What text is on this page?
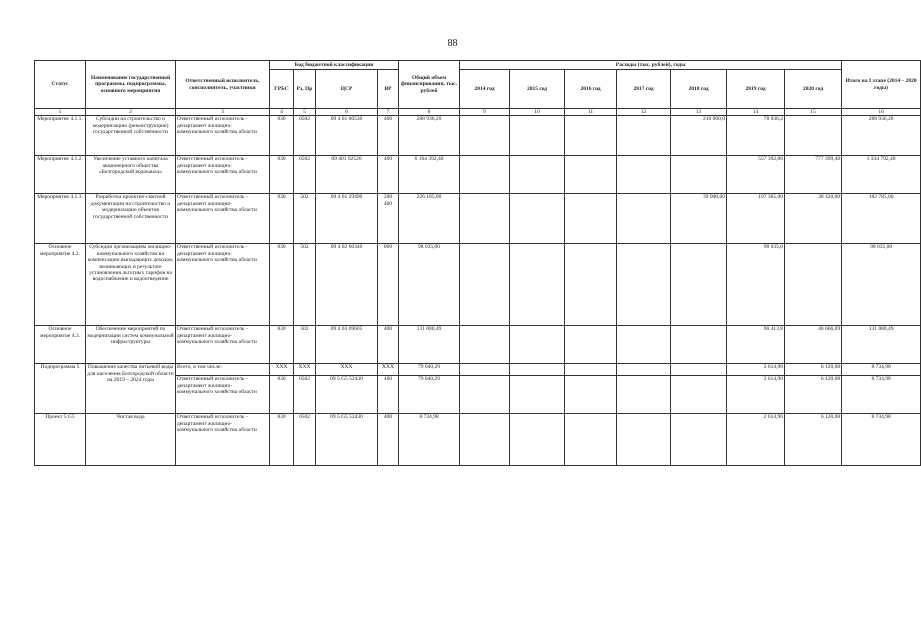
88
Статус	Наименование государственной программы, подпрограммы, основного мероприятия	Ответственный исполнитель, соисполнитель, участники	Код бюджетной классификации				Общий объем финансирования, тыс. рублей	Расходы (тыс. рублей), годы							Итого на I этапе (2014 – 2020 годы)
			ГРБС	Рз, Пр	ЦСР	ВР		2014 год	2015 год	2016 год	2017 год	2018 год	2019 год	2020 год	
1	2	3	4	5	6	7	8	9	10	11	12	13	14	15	16
Мероприятие 4.1.1.	Субсидии на строительство и модернизацию (реконструкцию) государственной собственности	Ответственный исполнитель - департамент жилищно-коммунального хозяйства области	830	0502	09 4 01 60530	400	288 936,20					210 000,0	78 936,2		288 936,20
Мероприятие 4.1.2.	Увеличение уставного капитала акционерного общества «Белгородский водоканал»	Ответственный исполнитель - департамент жилищно-коммунального хозяйства области	830	0502	09 401 92520	400	6 164 392,40						557 392,00	777 399,40	1 334 792,40
Мероприятие 4.1.3.	Разработка проектно-сметной документации на строительство и модернизацию объектов государственной собственности	Ответственный исполнитель - департамент жилищно-коммунального хозяйства области	830	502	09 4 01 29490	200
400	226 185,00					39 000,00	107 365,00	38 420,00	182 785,00
Основное мероприятие 4.2.	Субсидии организациям жилищно-коммунального хозяйства на компенсацию выпадающих доходов, возникающих в результате установления льготных тарифов на водоснабжение и водоотведение	Ответственный исполнитель - департамент жилищно-коммунального хозяйства области	830	502	09 4 02 60340	800	98 035,00						98 035,0		98 035,00
Основное мероприятие 4.3.	Обеспечение мероприятий по модернизации систем коммунальной инфраструктуры	Ответственный исполнитель - департамент жилищно-коммунального хозяйства области	830	502	09 4 03 09605	400	131 080,49						90 413,8	40 666,69	131 080,49
Подпрограмма 5	Повышение качества питьевой воды для населения Белгородской области на 2019 – 2024 годы	Всего, в том числе:	XXX	XXX	XXX	XXX	79 040,29						2 614,90	6 120,08	8 734,98
		Ответственный исполнитель - департамент жилищно-коммунального хозяйства области	830	0502	09 5 G5 52430	400	79 040,29						2 614,90	6 120,08	8 734,98
Проект 5 G5	Чистая вода	Ответственный исполнитель - департамент жилищно-коммунального хозяйства области	830	0502	09 5 G5 52430	400	8 734,98						2 614,90	6 120,08	8 734,98
